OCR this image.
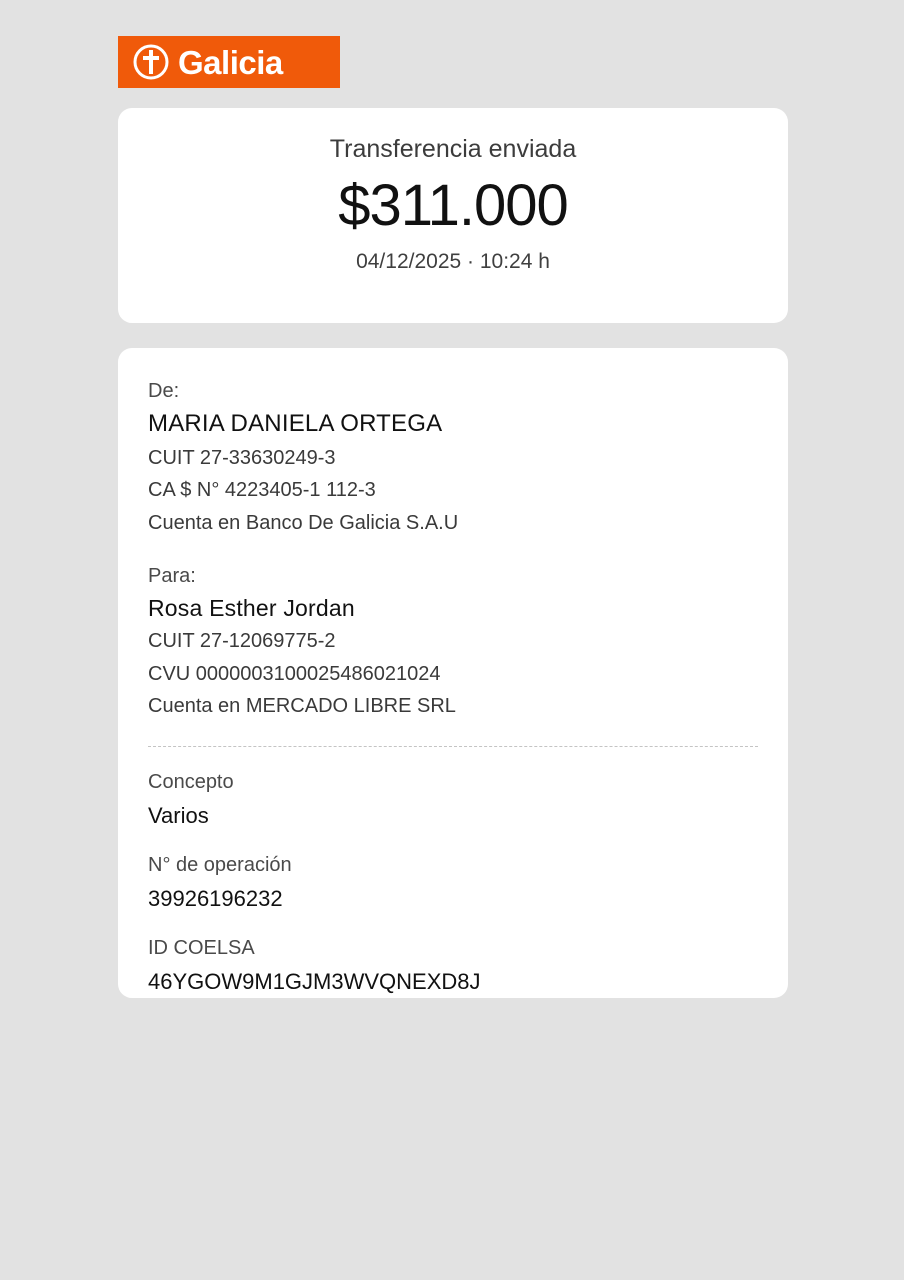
Galicia
Transferencia enviada
$311.000
04/12/2025 · 10:24 h
De:
MARIA DANIELA ORTEGA
CUIT 27-33630249-3
CA $ N° 4223405-1 112-3
Cuenta en Banco De Galicia S.A.U
Para:
Rosa Esther Jordan
CUIT 27-12069775-2
CVU 0000003100025486021024
Cuenta en MERCADO LIBRE SRL
Concepto
Varios
N° de operación
39926196232
ID COELSA
46YGOW9M1GJM3WVQNEXD8J
